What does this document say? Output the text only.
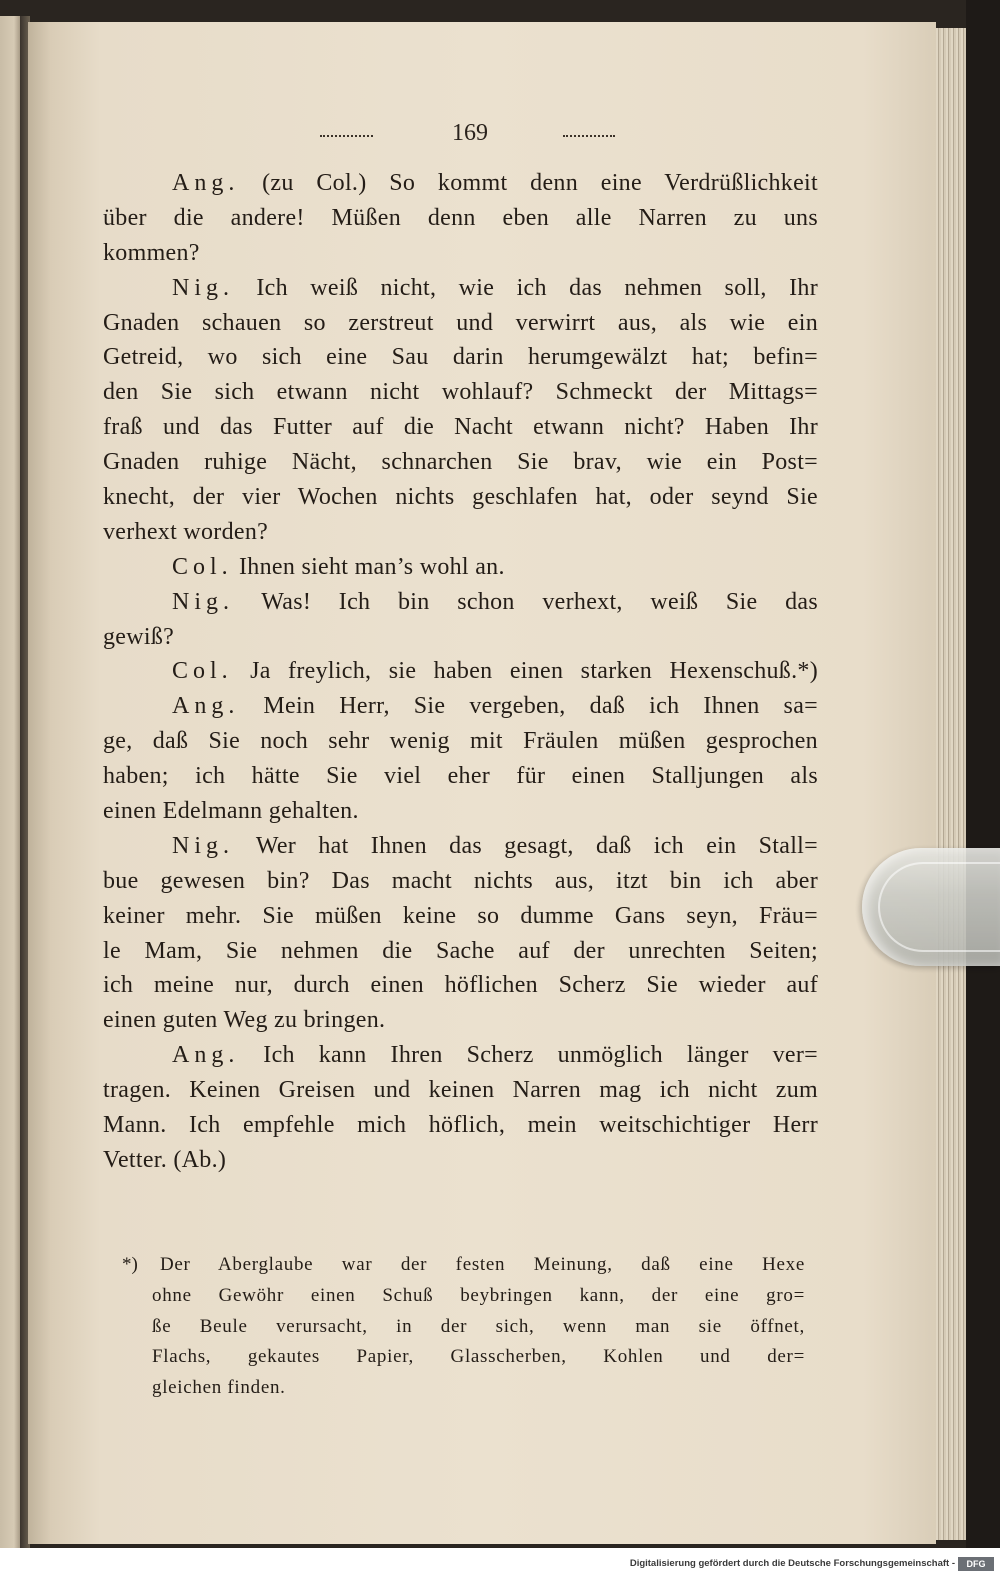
169
Ang. (zu Col.) So kommt denn eine Verdrüßlichkeit
über die andere! Müßen denn eben alle Narren zu uns
kommen?
Nig. Ich weiß nicht, wie ich das nehmen soll, Ihr
Gnaden schauen so zerstreut und verwirrt aus, als wie ein
Getreid, wo sich eine Sau darin herumgewälzt hat; befin=
den Sie sich etwann nicht wohlauf? Schmeckt der Mittags=
fraß und das Futter auf die Nacht etwann nicht? Haben Ihr
Gnaden ruhige Nächt, schnarchen Sie brav, wie ein Post=
knecht, der vier Wochen nichts geschlafen hat, oder seynd Sie
verhext worden?
Col. Ihnen sieht man’s wohl an.
Nig. Was! Ich bin schon verhext, weiß Sie das
gewiß?
Col. Ja freylich, sie haben einen starken Hexenschuß.*)
Ang. Mein Herr, Sie vergeben, daß ich Ihnen sa=
ge, daß Sie noch sehr wenig mit Fräulen müßen gesprochen
haben; ich hätte Sie viel eher für einen Stalljungen als
einen Edelmann gehalten.
Nig. Wer hat Ihnen das gesagt, daß ich ein Stall=
bue gewesen bin? Das macht nichts aus, itzt bin ich aber
keiner mehr. Sie müßen keine so dumme Gans seyn, Fräu=
le Mam, Sie nehmen die Sache auf der unrechten Seiten;
ich meine nur, durch einen höflichen Scherz Sie wieder auf
einen guten Weg zu bringen.
Ang. Ich kann Ihren Scherz unmöglich länger ver=
tragen. Keinen Greisen und keinen Narren mag ich nicht zum
Mann. Ich empfehle mich höflich, mein weitschichtiger Herr
Vetter. (Ab.)
*)	Der Aberglaube war der festen Meinung, daß eine Hexe
ohne Gewöhr einen Schuß beybringen kann, der eine gro=
ße Beule verursacht, in der sich, wenn man sie öffnet,
Flachs, gekautes Papier, Glasscherben, Kohlen und der=
gleichen finden.
Digitalisierung gefördert durch die Deutsche Forschungsgemeinschaft -	DFG
